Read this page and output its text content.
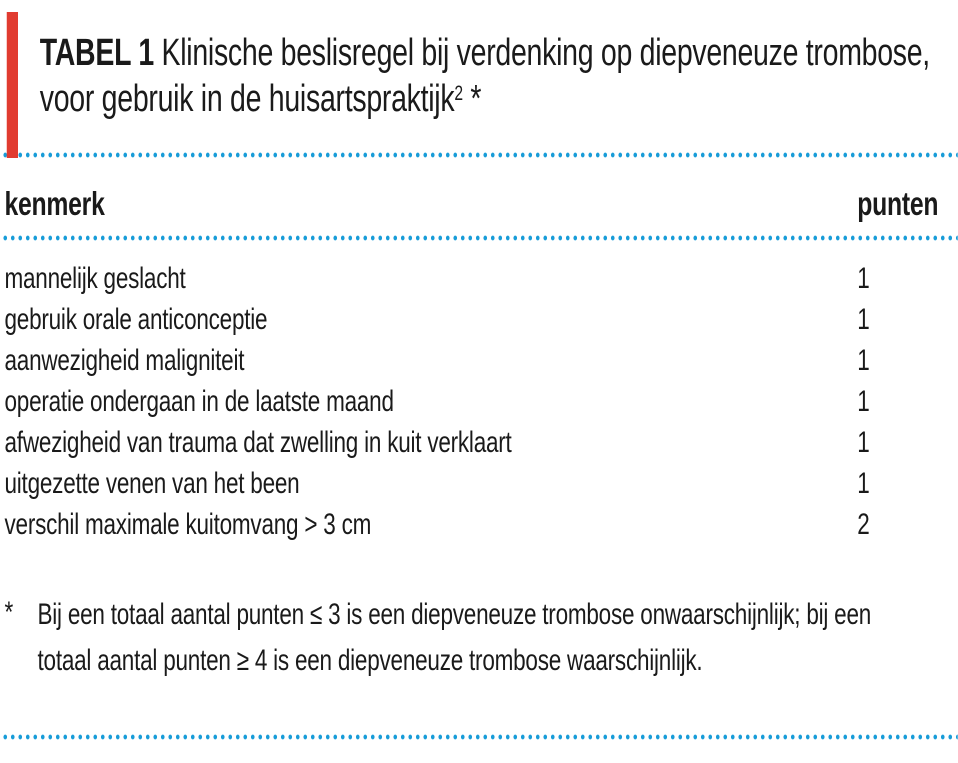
TABEL 1 Klinische beslisregel bij verdenking op diepveneuze trombose, voor gebruik in de huisartspraktijk$^2$ *
kenmerk	punten
mannelijk geslacht	1
gebruik orale anticonceptie	1
aanwezigheid maligniteit	1
operatie ondergaan in de laatste maand	1
afwezigheid van trauma dat zwelling in kuit verklaart	1
uitgezette venen van het been	1
verschil maximale kuitomvang > 3 cm	2
* Bij een totaal aantal punten ≤ 3 is een diepveneuze trombose onwaarschijnlijk; bij een totaal aantal punten ≥ 4 is een diepveneuze trombose waarschijnlijk.
